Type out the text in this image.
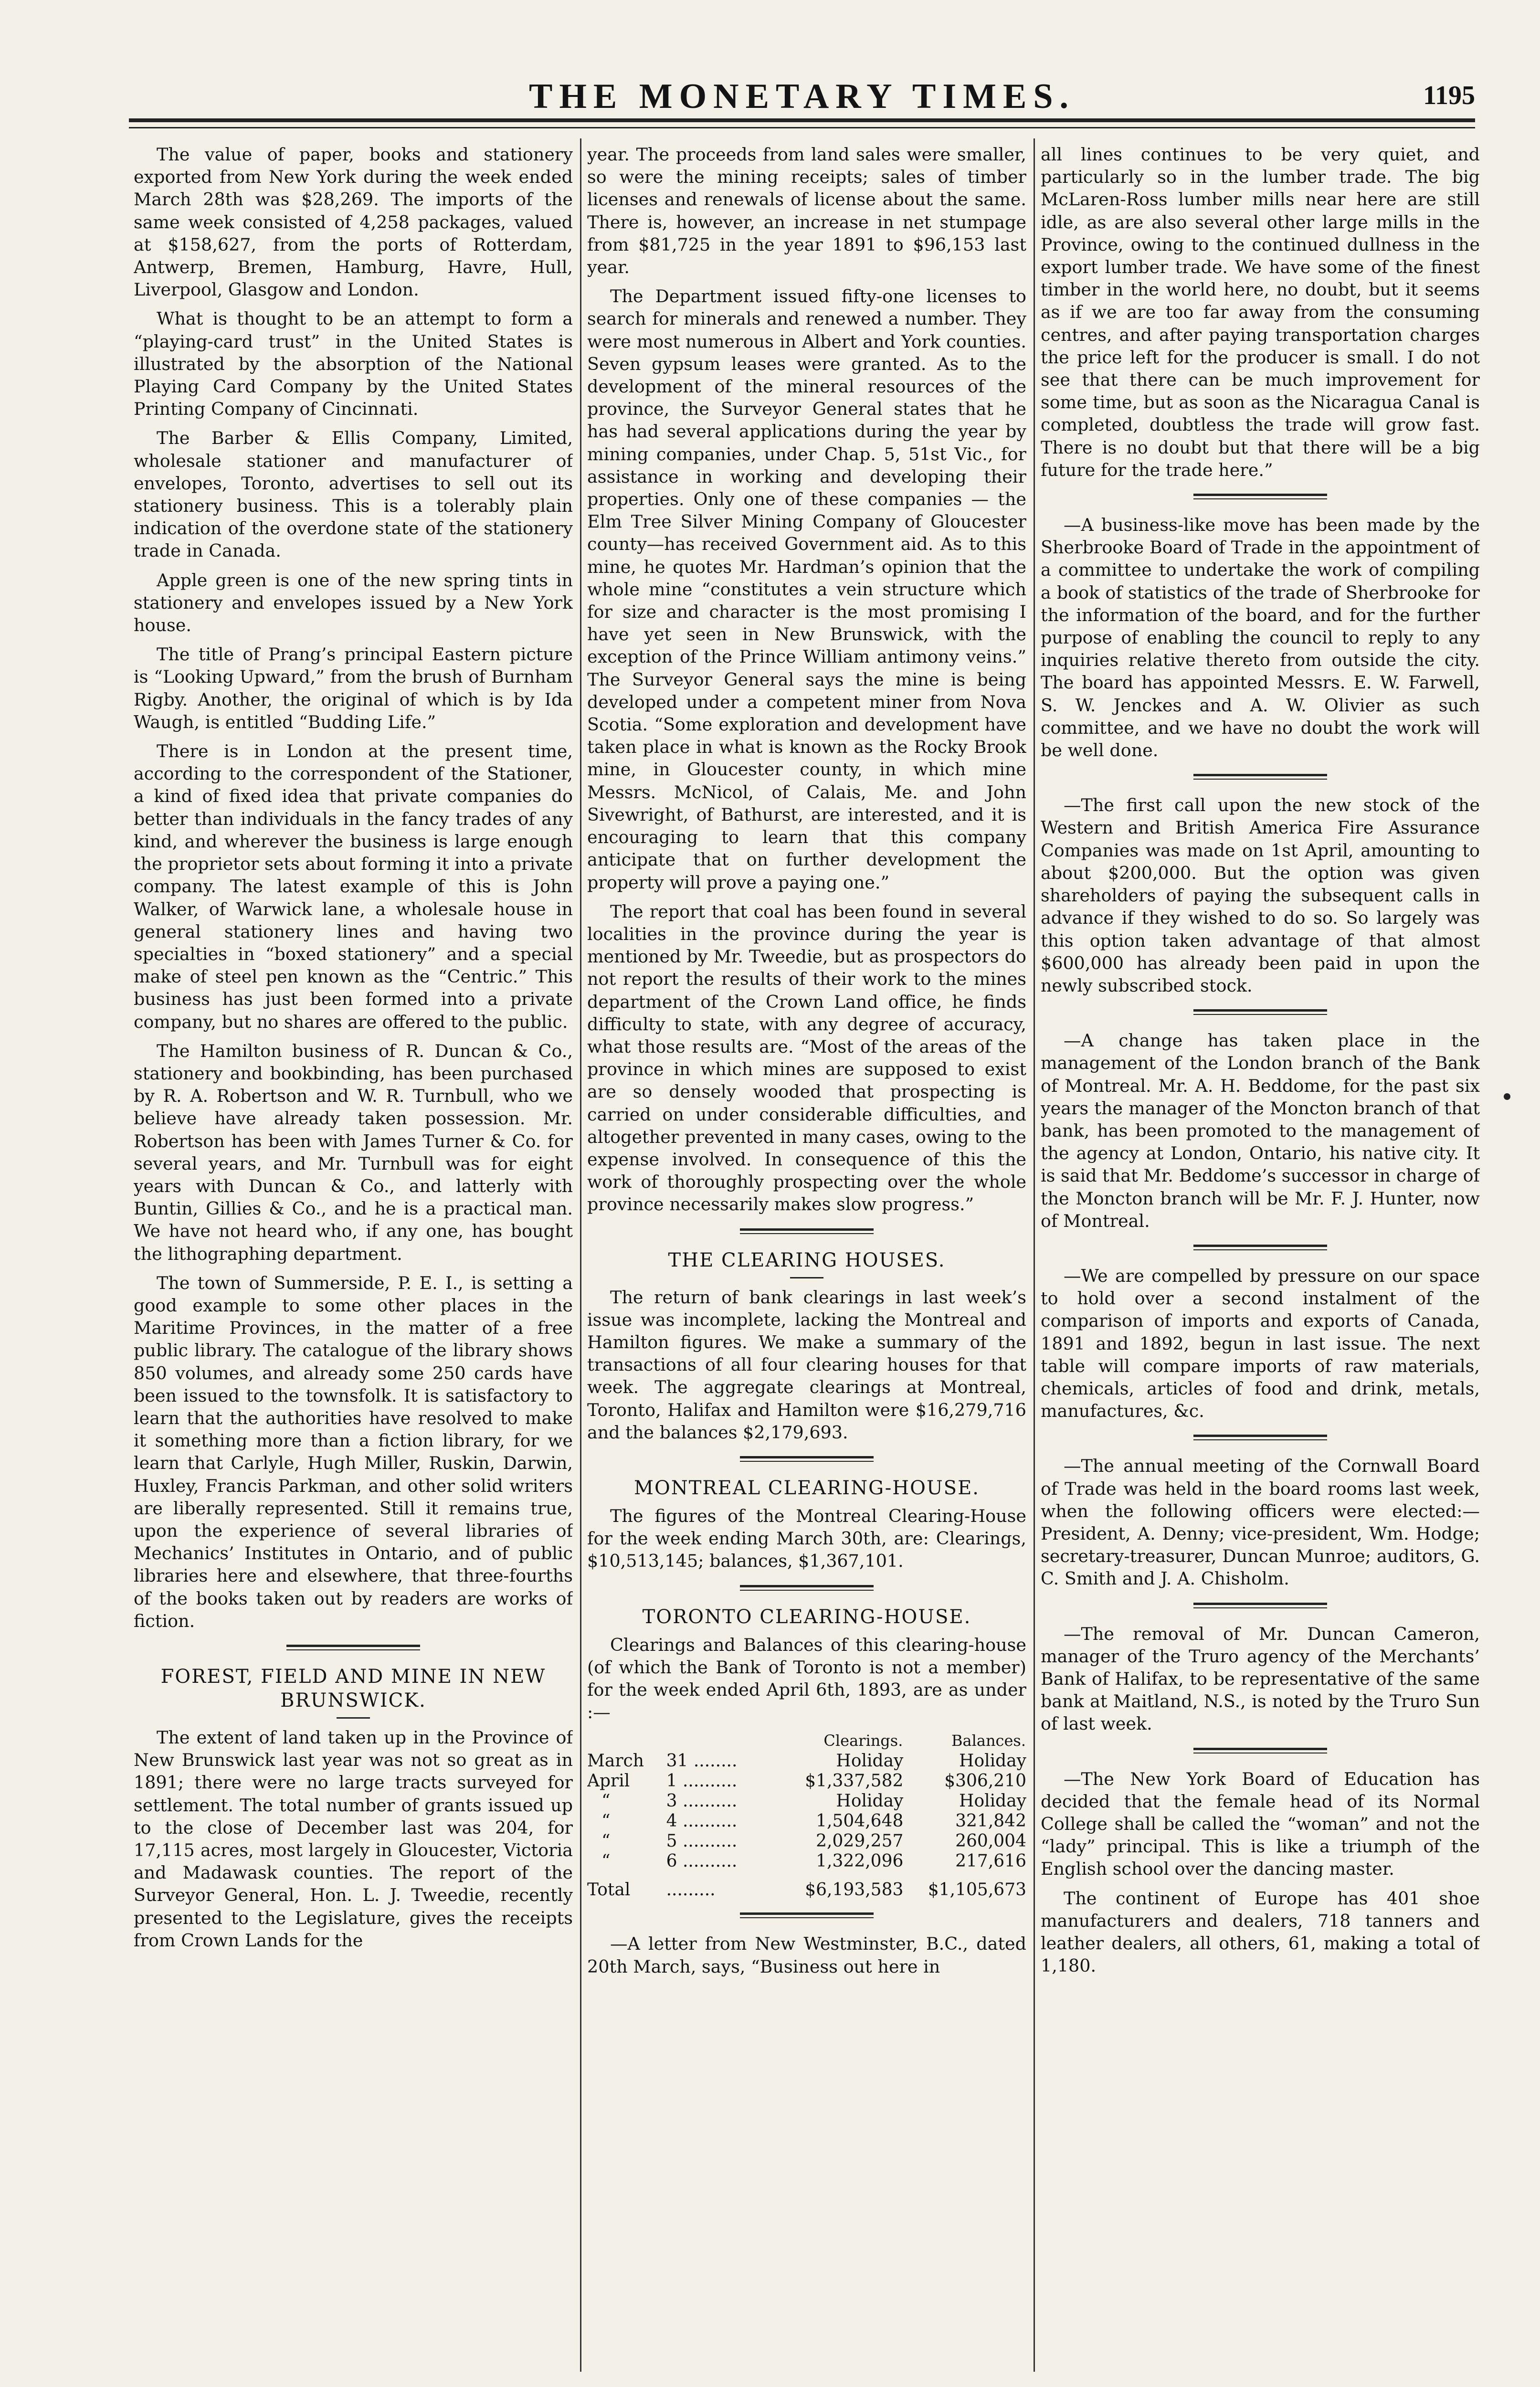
THE MONETARY TIMES.	1195

The value of paper, books and stationery exported from New York during the week ended March 28th was $28,269. The imports of the same week consisted of 4,258 packages, valued at $158,627, from the ports of Rotterdam, Antwerp, Bremen, Hamburg, Havre, Hull, Liverpool, Glasgow and London.

What is thought to be an attempt to form a “playing-card trust” in the United States is illustrated by the absorption of the National Playing Card Company by the United States Printing Company of Cincinnati.

The Barber & Ellis Company, Limited, wholesale stationer and manufacturer of envelopes, Toronto, advertises to sell out its stationery business. This is a tolerably plain indication of the overdone state of the stationery trade in Canada.

Apple green is one of the new spring tints in stationery and envelopes issued by a New York house.

The title of Prang’s principal Eastern picture is “Looking Upward,” from the brush of Burnham Rigby. Another, the original of which is by Ida Waugh, is entitled “Budding Life.”

There is in London at the present time, according to the correspondent of the Stationer, a kind of fixed idea that private companies do better than individuals in the fancy trades of any kind, and wherever the business is large enough the proprietor sets about forming it into a private company. The latest example of this is John Walker, of Warwick lane, a wholesale house in general stationery lines and having two specialties in “boxed stationery” and a special make of steel pen known as the “Centric.” This business has just been formed into a private company, but no shares are offered to the public.

The Hamilton business of R. Duncan & Co., stationery and bookbinding, has been purchased by R. A. Robertson and W. R. Turnbull, who we believe have already taken possession. Mr. Robertson has been with James Turner & Co. for several years, and Mr. Turnbull was for eight years with Duncan & Co., and latterly with Buntin, Gillies & Co., and he is a practical man. We have not heard who, if any one, has bought the lithographing department.

The town of Summerside, P. E. I., is setting a good example to some other places in the Maritime Provinces, in the matter of a free public library. The catalogue of the library shows 850 volumes, and already some 250 cards have been issued to the townsfolk. It is satisfactory to learn that the authorities have resolved to make it something more than a fiction library, for we learn that Carlyle, Hugh Miller, Ruskin, Darwin, Huxley, Francis Parkman, and other solid writers are liberally represented. Still it remains true, upon the experience of several libraries of Mechanics’ Institutes in Ontario, and of public libraries here and elsewhere, that three-fourths of the books taken out by readers are works of fiction.

FOREST, FIELD AND MINE IN NEW BRUNSWICK.

The extent of land taken up in the Province of New Brunswick last year was not so great as in 1891; there were no large tracts surveyed for settlement. The total number of grants issued up to the close of December last was 204, for 17,115 acres, most largely in Gloucester, Victoria and Madawask counties. The report of the Surveyor General, Hon. L. J. Tweedie, recently presented to the Legislature, gives the receipts from Crown Lands for the

year. The proceeds from land sales were smaller, so were the mining receipts; sales of timber licenses and renewals of license about the same. There is, however, an increase in net stumpage from $81,725 in the year 1891 to $96,153 last year.

The Department issued fifty-one licenses to search for minerals and renewed a number. They were most numerous in Albert and York counties. Seven gypsum leases were granted. As to the development of the mineral resources of the province, the Surveyor General states that he has had several applications during the year by mining companies, under Chap. 5, 51st Vic., for assistance in working and developing their properties. Only one of these companies — the Elm Tree Silver Mining Company of Gloucester county—has received Government aid. As to this mine, he quotes Mr. Hardman’s opinion that the whole mine “constitutes a vein structure which for size and character is the most promising I have yet seen in New Brunswick, with the exception of the Prince William antimony veins.” The Surveyor General says the mine is being developed under a competent miner from Nova Scotia. “Some exploration and development have taken place in what is known as the Rocky Brook mine, in Gloucester county, in which mine Messrs. McNicol, of Calais, Me. and John Sivewright, of Bathurst, are interested, and it is encouraging to learn that this company anticipate that on further development the property will prove a paying one.”

The report that coal has been found in several localities in the province during the year is mentioned by Mr. Tweedie, but as prospectors do not report the results of their work to the mines department of the Crown Land office, he finds difficulty to state, with any degree of accuracy, what those results are. “Most of the areas of the province in which mines are supposed to exist are so densely wooded that prospecting is carried on under considerable difficulties, and altogether prevented in many cases, owing to the expense involved. In consequence of this the work of thoroughly prospecting over the whole province necessarily makes slow progress.”

THE CLEARING HOUSES.

The return of bank clearings in last week’s issue was incomplete, lacking the Montreal and Hamilton figures. We make a summary of the transactions of all four clearing houses for that week. The aggregate clearings at Montreal, Toronto, Halifax and Hamilton were $16,279,716 and the balances $2,179,693.

MONTREAL CLEARING-HOUSE.

The figures of the Montreal Clearing-House for the week ending March 30th, are: Clearings, $10,513,145; balances, $1,367,101.

TORONTO CLEARING-HOUSE.

Clearings and Balances of this clearing-house (of which the Bank of Toronto is not a member) for the week ended April 6th, 1893, are as under :—

		Clearings.	Balances.
March	31 ........	Holiday	Holiday
April	1 ..........	$1,337,582	$306,210
“	3 ..........	Holiday	Holiday
“	4 ..........	1,504,648	321,842
“	5 ..........	2,029,257	260,004
“	6 ..........	1,322,096	217,616
Total	.........	$6,193,583	$1,105,673

—A letter from New Westminster, B.C., dated 20th March, says, “Business out here in

all lines continues to be very quiet, and particularly so in the lumber trade. The big McLaren-Ross lumber mills near here are still idle, as are also several other large mills in the Province, owing to the continued dullness in the export lumber trade. We have some of the finest timber in the world here, no doubt, but it seems as if we are too far away from the consuming centres, and after paying transportation charges the price left for the producer is small. I do not see that there can be much improvement for some time, but as soon as the Nicaragua Canal is completed, doubtless the trade will grow fast. There is no doubt but that there will be a big future for the trade here.”

—A business-like move has been made by the Sherbrooke Board of Trade in the appointment of a committee to undertake the work of compiling a book of statistics of the trade of Sherbrooke for the information of the board, and for the further purpose of enabling the council to reply to any inquiries relative thereto from outside the city. The board has appointed Messrs. E. W. Farwell, S. W. Jenckes and A. W. Olivier as such committee, and we have no doubt the work will be well done.

—The first call upon the new stock of the Western and British America Fire Assurance Companies was made on 1st April, amounting to about $200,000. But the option was given shareholders of paying the subsequent calls in advance if they wished to do so. So largely was this option taken advantage of that almost $600,000 has already been paid in upon the newly subscribed stock.

—A change has taken place in the management of the London branch of the Bank of Montreal. Mr. A. H. Beddome, for the past six years the manager of the Moncton branch of that bank, has been promoted to the management of the agency at London, Ontario, his native city. It is said that Mr. Beddome’s successor in charge of the Moncton branch will be Mr. F. J. Hunter, now of Montreal.

—We are compelled by pressure on our space to hold over a second instalment of the comparison of imports and exports of Canada, 1891 and 1892, begun in last issue. The next table will compare imports of raw materials, chemicals, articles of food and drink, metals, manufactures, &c.

—The annual meeting of the Cornwall Board of Trade was held in the board rooms last week, when the following officers were elected:—President, A. Denny; vice-president, Wm. Hodge; secretary-treasurer, Duncan Munroe; auditors, G. C. Smith and J. A. Chisholm.

—The removal of Mr. Duncan Cameron, manager of the Truro agency of the Merchants’ Bank of Halifax, to be representative of the same bank at Maitland, N.S., is noted by the Truro Sun of last week.

—The New York Board of Education has decided that the female head of its Normal College shall be called the “woman” and not the “lady” principal. This is like a triumph of the English school over the dancing master.

The continent of Europe has 401 shoe manufacturers and dealers, 718 tanners and leather dealers, all others, 61, making a total of 1,180.
